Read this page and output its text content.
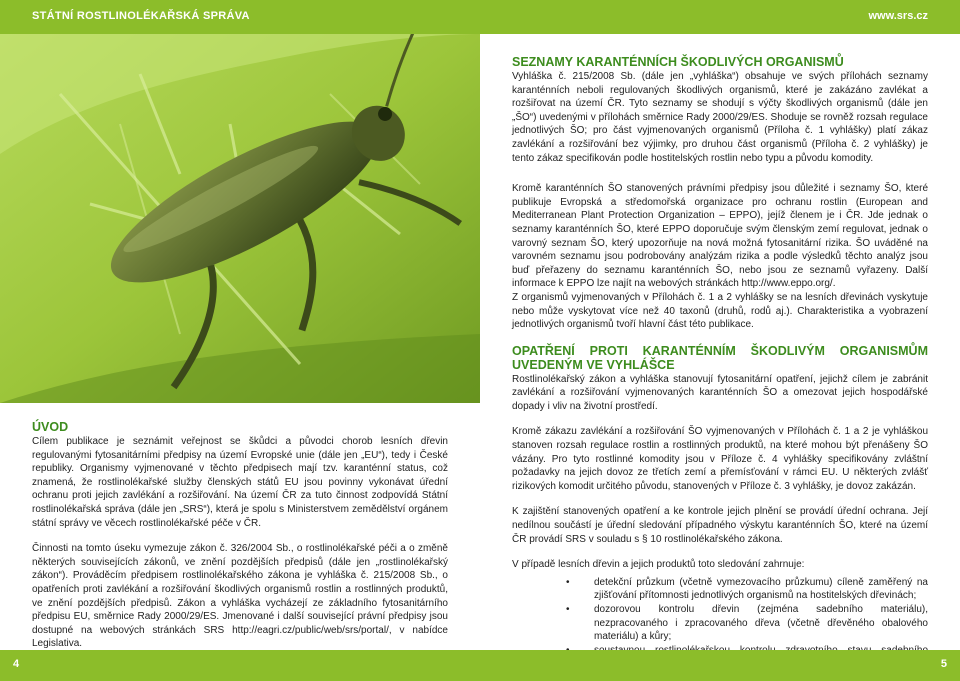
STÁTNÍ ROSTLINOLÉKAŘSKÁ SPRÁVA	www.srs.cz
ÚVOD

Cílem publikace je seznámit veřejnost se škůdci a původci chorob lesních dřevin regulovanými fytosanitárními předpisy na území Evropské unie (dále jen „EU“), tedy i České republiky. Organismy vyjmenované v těchto předpisech mají tzv. karanténní status, což znamená, že rostlinolékařské služby členských států EU jsou povinny vykonávat úřední ochranu proti jejich zavlékání a rozšiřování. Na území ČR za tuto činnost zodpovídá Státní rostlinolékařská správa (dále jen „SRS“), která je spolu s Ministerstvem zemědělství orgánem státní správy ve věcech rostlinolékařské péče v ČR.

Činnosti na tomto úseku vymezuje zákon č. 326/2004 Sb., o rostlinolékařské péči a o změně některých souvisejících zákonů, ve znění pozdějších předpisů (dále jen „rostlinolékařský zákon“). Prováděcím předpisem rostlinolékařského zákona je vyhláška č. 215/2008 Sb., o opatřeních proti zavlékání a rozšiřování škodlivých organismů rostlin a rostlinných produktů, ve znění pozdějších předpisů. Zákon a vyhláška vycházejí ze základního fytosanitárního předpisu EU, směrnice Rady 2000/29/ES. Jmenované i další související právní předpisy jsou dostupné na webových stránkách SRS http://eagri.cz/public/web/srs/portal/, v nabídce Legislativa.

SEZNAMY KARANTÉNNÍCH ŠKODLIVÝCH ORGANISMŮ

Vyhláška č. 215/2008 Sb. (dále jen „vyhláška“) obsahuje ve svých přílohách seznamy karanténních neboli regulovaných škodlivých organismů, které je zakázáno zavlékat a rozšiřovat na území ČR. Tyto seznamy se shodují s výčty škodlivých organismů (dále jen „ŠO“) uvedenými v přílohách směrnice Rady 2000/29/ES. Shoduje se rovněž rozsah regulace jednotlivých ŠO; pro část vyjmenovaných organismů (Příloha č. 1 vyhlášky) platí zákaz zavlékání a rozšiřování bez výjimky, pro druhou část organismů (Příloha č. 2 vyhlášky) je tento zákaz specifikován podle hostitelských rostlin nebo typu a původu komodity.

Kromě karanténních ŠO stanovených právními předpisy jsou důležité i seznamy ŠO, které publikuje Evropská a středomořská organizace pro ochranu rostlin (European and Mediterranean Plant Protection Organization – EPPO), jejíž členem je i ČR. Jde jednak o seznamy karanténních ŠO, které EPPO doporučuje svým členským zemí regulovat, jednak o varovný seznam ŠO, který upozorňuje na nová možná fytosanitární rizika. ŠO uváděné na varovném seznamu jsou podrobovány analýzám rizika a podle výsledků těchto analýz jsou buď přeřazeny do seznamu karanténních ŠO, nebo jsou ze seznamů vyřazeny. Další informace k EPPO lze najít na webových stránkách http://www.eppo.org/.

Z organismů vyjmenovaných v Přílohách č. 1 a 2 vyhlášky se na lesních dřevinách vyskytuje nebo může vyskytovat více než 40 taxonů (druhů, rodů aj.). Charakteristika a vyobrazení jednotlivých organismů tvoří hlavní část této publikace.

OPATŘENÍ PROTI KARANTÉNNÍM ŠKODLIVÝM ORGANISMŮM UVEDENÝM VE VYHLÁŠCE

Rostlinolékařský zákon a vyhláška stanovují fytosanitární opatření, jejichž cílem je zabránit zavlékání a rozšiřování vyjmenovaných karanténních ŠO a omezovat jejich hospodářské dopady i vliv na životní prostředí.

Kromě zákazu zavlékání a rozšiřování ŠO vyjmenovaných v Přílohách č. 1 a 2 je vyhláškou stanoven rozsah regulace rostlin a rostlinných produktů, na které mohou být přenášeny ŠO vázány. Pro tyto rostlinné komodity jsou v Příloze č. 4 vyhlášky specifikovány zvláštní požadavky na jejich dovoz ze třetích zemí a přemísťování v rámci EU. U některých zvlášť rizikových komodit určitého původu, stanovených v Příloze č. 3 vyhlášky, je dovoz zakázán.

K zajištění stanovených opatření a ke kontrole jejich plnění se provádí úřední ochrana. Její nedílnou součástí je úřední sledování případného výskytu karanténních ŠO, které na území ČR provádí SRS v souladu s § 10 rostlinolékařského zákona.

V případě lesních dřevin a jejich produktů toto sledování zahrnuje:

• detekční průzkum (včetně vymezovacího průzkumu) cíleně zaměřený na zjišťování přítomnosti jednotlivých organismů na hostitelských dřevinách;
• dozorovou kontrolu dřevin (zejména sadebního materiálu), nezpracovaného i zpracovaného dřeva (včetně dřevěného obalového materiálu) a kůry;
•
4	5
